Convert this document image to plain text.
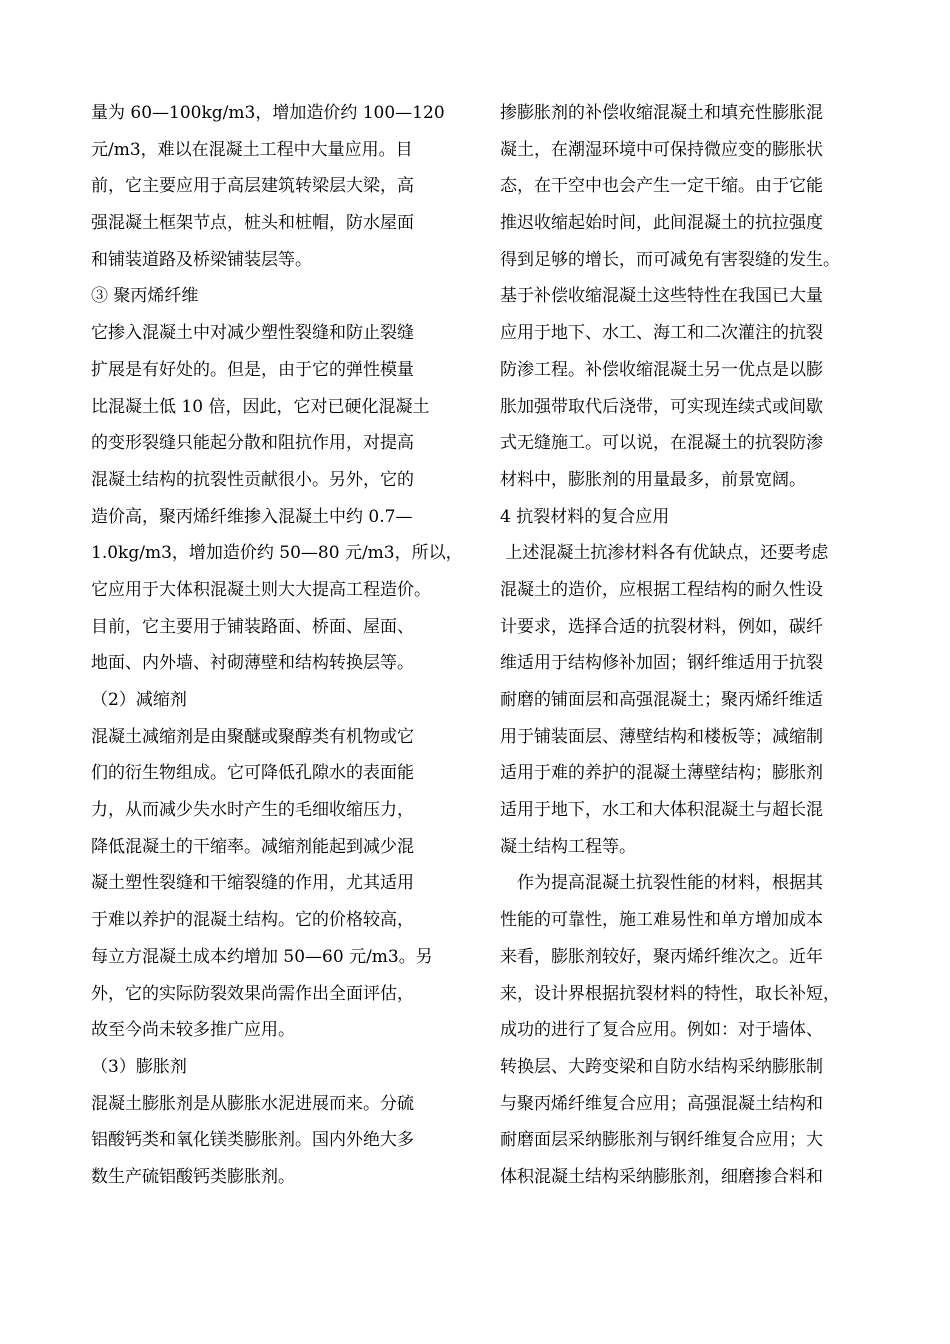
量为 60—100kg/m3，增加造价约 100—120
元/m3，难以在混凝土工程中大量应用。目
前，它主要应用于高层建筑转梁层大梁，高
强混凝土框架节点，桩头和桩帽，防水屋面
和铺装道路及桥梁铺装层等。
③ 聚丙烯纤维
它掺入混凝土中对减少塑性裂缝和防止裂缝
扩展是有好处的。但是，由于它的弹性模量
比混凝土低 10 倍，因此，它对已硬化混凝土
的变形裂缝只能起分散和阻抗作用，对提高
混凝土结构的抗裂性贡献很小。另外，它的
造价高，聚丙烯纤维掺入混凝土中约 0.7—
1.0kg/m3，增加造价约 50—80 元/m3，所以，
它应用于大体积混凝土则大大提高工程造价。
目前，它主要用于铺装路面、桥面、屋面、
地面、内外墙、衬砌薄壁和结构转换层等。
（2）减缩剂
混凝土减缩剂是由聚醚或聚醇类有机物或它
们的衍生物组成。它可降低孔隙水的表面能
力，从而减少失水时产生的毛细收缩压力，
降低混凝土的干缩率。减缩剂能起到减少混
凝土塑性裂缝和干缩裂缝的作用，尤其适用
于难以养护的混凝土结构。它的价格较高，
每立方混凝土成本约增加 50—60 元/m3。另
外，它的实际防裂效果尚需作出全面评估，
故至今尚未较多推广应用。
（3）膨胀剂
混凝土膨胀剂是从膨胀水泥进展而来。分硫
铝酸钙类和氧化镁类膨胀剂。国内外绝大多
数生产硫铝酸钙类膨胀剂。
掺膨胀剂的补偿收缩混凝土和填充性膨胀混
凝土，在潮湿环境中可保持微应变的膨胀状
态，在干空中也会产生一定干缩。由于它能
推迟收缩起始时间，此间混凝土的抗拉强度
得到足够的增长，而可减免有害裂缝的发生。
基于补偿收缩混凝土这些特性在我国已大量
应用于地下、水工、海工和二次灌注的抗裂
防渗工程。补偿收缩混凝土另一优点是以膨
胀加强带取代后浇带，可实现连续式或间歇
式无缝施工。可以说，在混凝土的抗裂防渗
材料中，膨胀剂的用量最多，前景宽阔。
4 抗裂材料的复合应用
上述混凝土抗渗材料各有优缺点，还要考虑
混凝土的造价，应根据工程结构的耐久性设
计要求，选择合适的抗裂材料，例如，碳纤
维适用于结构修补加固；钢纤维适用于抗裂
耐磨的铺面层和高强混凝土；聚丙烯纤维适
用于铺装面层、薄壁结构和楼板等；减缩制
适用于难的养护的混凝土薄壁结构；膨胀剂
适用于地下，水工和大体积混凝土与超长混
凝土结构工程等。
作为提高混凝土抗裂性能的材料，根据其
性能的可靠性，施工难易性和单方增加成本
来看，膨胀剂较好，聚丙烯纤维次之。近年
来，设计界根据抗裂材料的特性，取长补短，
成功的进行了复合应用。例如：对于墙体、
转换层、大跨变梁和自防水结构采纳膨胀制
与聚丙烯纤维复合应用；高强混凝土结构和
耐磨面层采纳膨胀剂与钢纤维复合应用；大
体积混凝土结构采纳膨胀剂，细磨掺合料和
